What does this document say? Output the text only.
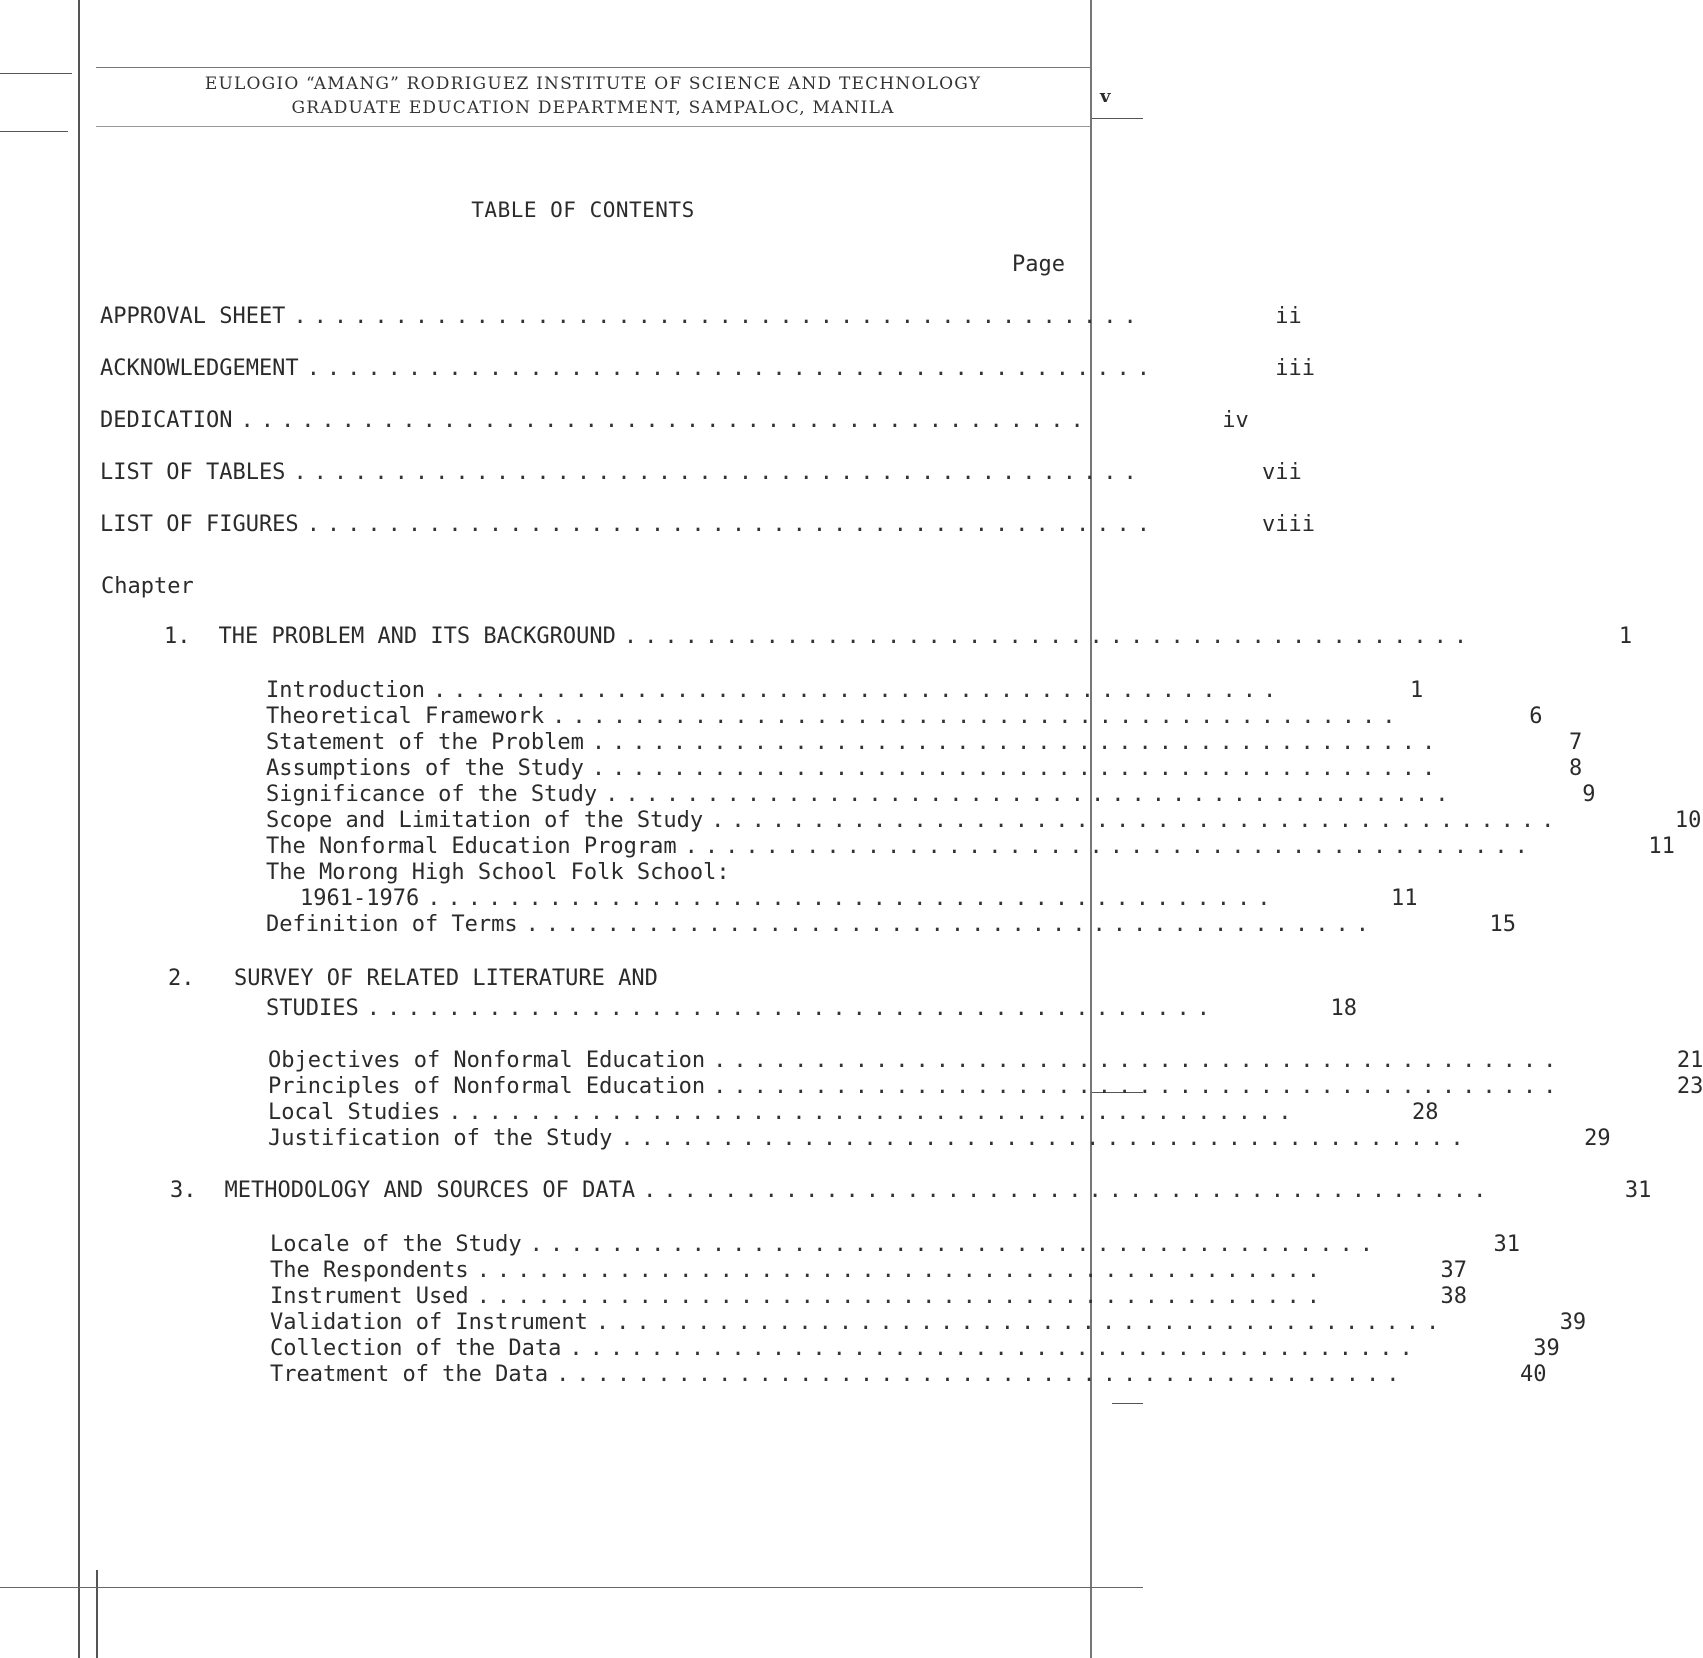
EULOGIO “AMANG” RODRIGUEZ INSTITUTE OF SCIENCE AND TECHNOLOGY
GRADUATE EDUCATION DEPARTMENT, SAMPALOC, MANILA
v
TABLE OF CONTENTS
Page
APPROVAL SHEET ..........................................	ii
ACKNOWLEDGEMENT ..........................................	iii
DEDICATION ..........................................	iv
LIST OF TABLES ..........................................	vii
LIST OF FIGURES ..........................................	viii
Chapter
1. THE PROBLEM AND ITS BACKGROUND ..........................................	1
Introduction ..........................................	1
Theoretical Framework ..........................................	6
Statement of the Problem ..........................................	7
Assumptions of the Study ..........................................	8
Significance of the Study ..........................................	9
Scope and Limitation of the Study ..........................................	10
The Nonformal Education Program ..........................................	11
The Morong High School Folk School:
1961-1976 ..........................................	11
Definition of Terms ..........................................	15
2. SURVEY OF RELATED LITERATURE AND
STUDIES ..........................................	18
Objectives of Nonformal Education ..........................................	21
Principles of Nonformal Education ..........................................	23
Local Studies ..........................................	28
Justification of the Study ..........................................	29
3. METHODOLOGY AND SOURCES OF DATA ..........................................	31
Locale of the Study ..........................................	31
The Respondents ..........................................	37
Instrument Used ..........................................	38
Validation of Instrument ..........................................	39
Collection of the Data ..........................................	39
Treatment of the Data ..........................................	40
